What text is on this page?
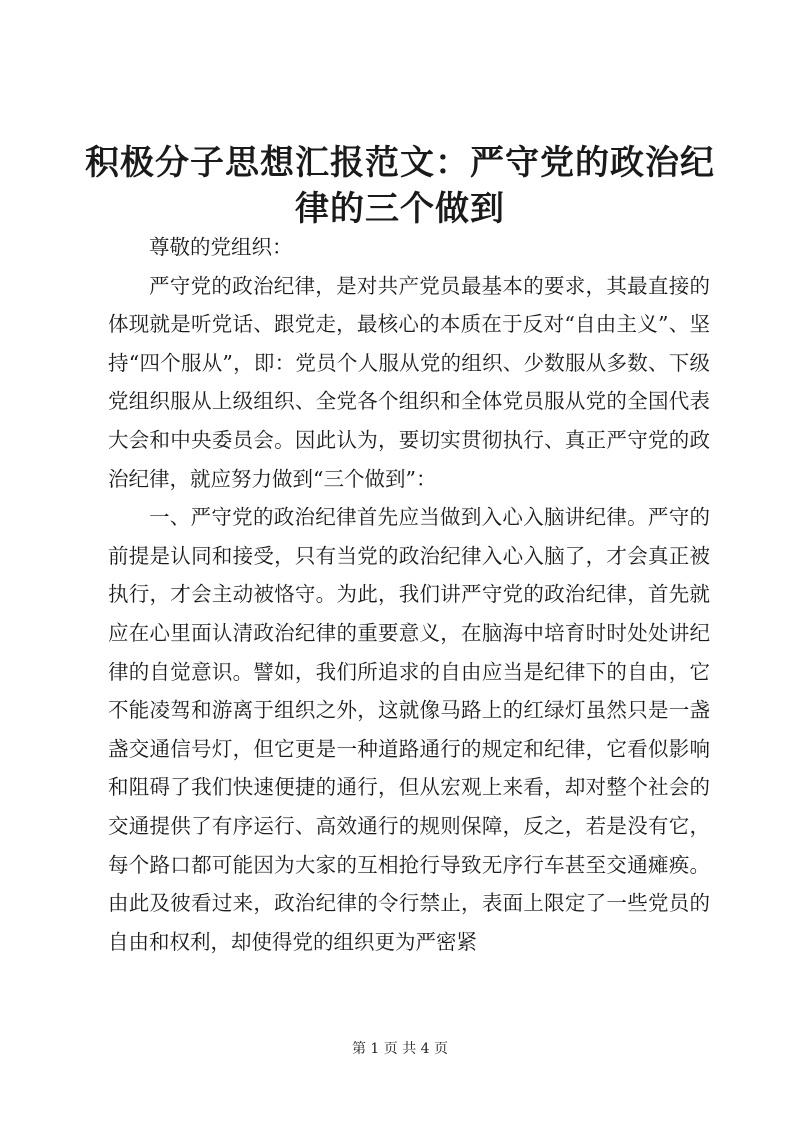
积极分子思想汇报范文：严守党的政治纪律的三个做到

尊敬的党组织：

严守党的政治纪律，是对共产党员最基本的要求，其最直接的体现就是听党话、跟党走，最核心的本质在于反对“自由主义”、坚持“四个服从”，即：党员个人服从党的组织、少数服从多数、下级党组织服从上级组织、全党各个组织和全体党员服从党的全国代表大会和中央委员会。因此认为，要切实贯彻执行、真正严守党的政治纪律，就应努力做到“三个做到”：

一、严守党的政治纪律首先应当做到入心入脑讲纪律。严守的前提是认同和接受，只有当党的政治纪律入心入脑了，才会真正被执行，才会主动被恪守。为此，我们讲严守党的政治纪律，首先就应在心里面认清政治纪律的重要意义，在脑海中培育时时处处讲纪律的自觉意识。譬如，我们所追求的自由应当是纪律下的自由，它不能凌驾和游离于组织之外，这就像马路上的红绿灯虽然只是一盏盏交通信号灯，但它更是一种道路通行的规定和纪律，它看似影响和阻碍了我们快速便捷的通行，但从宏观上来看，却对整个社会的交通提供了有序运行、高效通行的规则保障，反之，若是没有它，每个路口都可能因为大家的互相抢行导致无序行车甚至交通瘫痪。由此及彼看过来，政治纪律的令行禁止，表面上限定了一些党员的自由和权利，却使得党的组织更为严密紧

第 1 页 共 4 页
